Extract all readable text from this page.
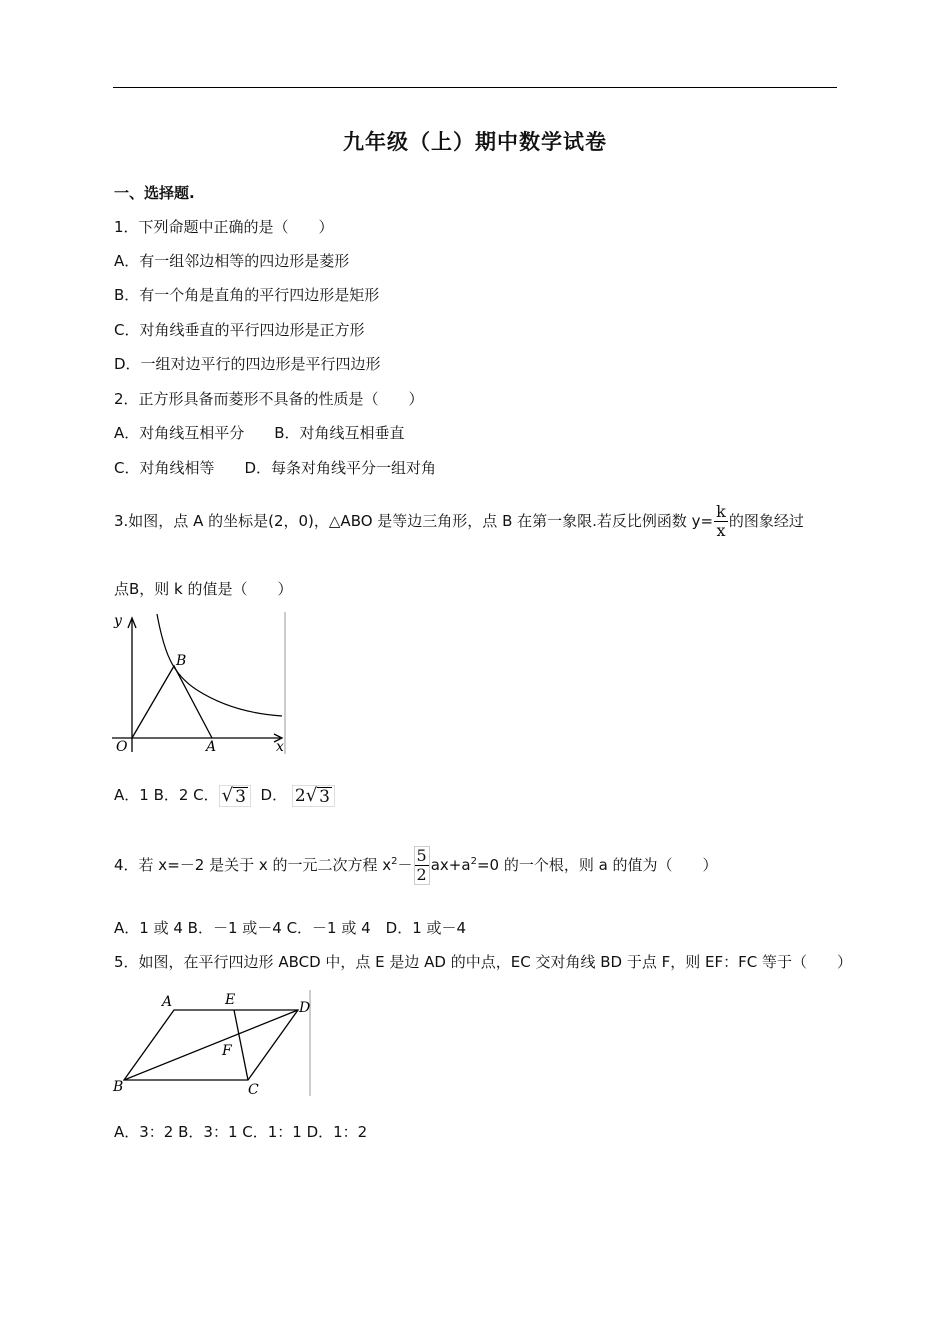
九年级（上）期中数学试卷
一、选择题.
1．下列命题中正确的是（　　）
A．有一组邻边相等的四边形是菱形
B．有一个角是直角的平行四边形是矩形
C．对角线垂直的平行四边形是正方形
D．一组对边平行的四边形是平行四边形
2．正方形具备而菱形不具备的性质是（　　）
A．对角线互相平分　　B．对角线互相垂直
C．对角线相等　　D．每条对角线平分一组对角
3.如图，点 A 的坐标是(2，0)，△ABO 是等边三角形，点 B 在第一象限.若反比例函数 $y= \frac{k}{x}$ 的图象经过
点B，则 k 的值是（　　）
y
x
O	A
B
A．1 B．2 C． √ 3 D． 2 √ 3
4．若 x=－2 是关于 x 的一元二次方程 $x^2- \frac{5}{2} ax+a^2=0$ 的一个根，则 a 的值为（　　）
A．1 或 4 B．－1 或－4 C．－1 或 4　D．1 或－4
5．如图，在平行四边形 ABCD 中，点 E 是边 AD 的中点，EC 交对角线 BD 于点 F，则 EF：FC 等于（　　）
A	E	D
F
B	C
A．3：2 B．3：1 C．1：1 D．1：2
